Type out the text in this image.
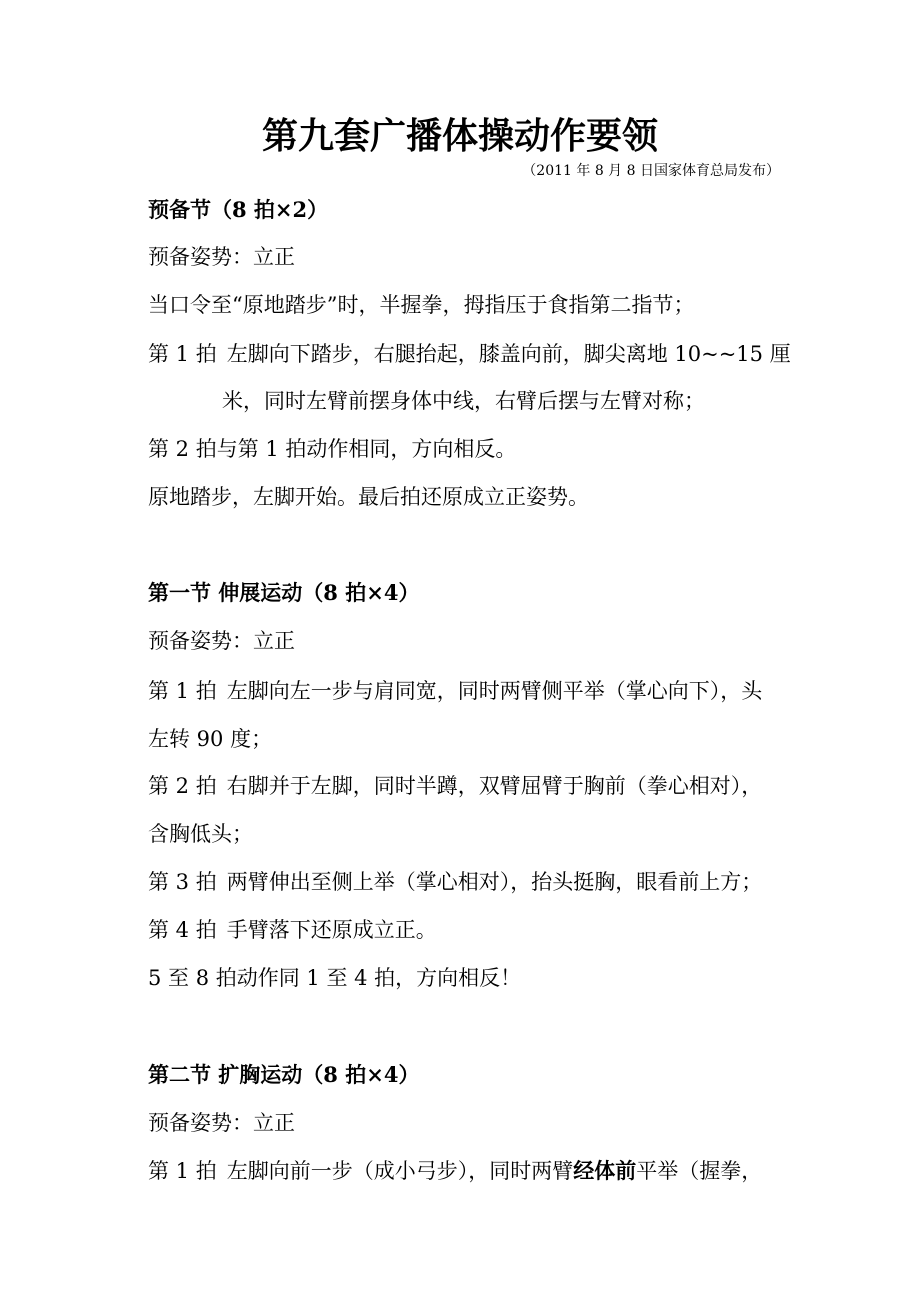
第九套广播体操动作要领
（2011 年 8 月 8 日国家体育总局发布）
预备节（8 拍×2）
预备姿势：立正
当口令至“原地踏步”时，半握拳，拇指压于食指第二指节；
第 1 拍 左脚向下踏步，右腿抬起，膝盖向前，脚尖离地 10~~15 厘
米，同时左臂前摆身体中线，右臂后摆与左臂对称；
第 2 拍与第 1 拍动作相同，方向相反。
原地踏步，左脚开始。最后拍还原成立正姿势。
第一节 伸展运动（8 拍×4）
预备姿势：立正
第 1 拍 左脚向左一步与肩同宽，同时两臂侧平举（掌心向下），头
左转 90 度；
第 2 拍 右脚并于左脚，同时半蹲，双臂屈臂于胸前（拳心相对），
含胸低头；
第 3 拍 两臂伸出至侧上举（掌心相对），抬头挺胸，眼看前上方；
第 4 拍 手臂落下还原成立正。
5 至 8 拍动作同 1 至 4 拍，方向相反！
第二节 扩胸运动（8 拍×4）
预备姿势：立正
第 1 拍 左脚向前一步（成小弓步），同时两臂经体前平举（握拳，
